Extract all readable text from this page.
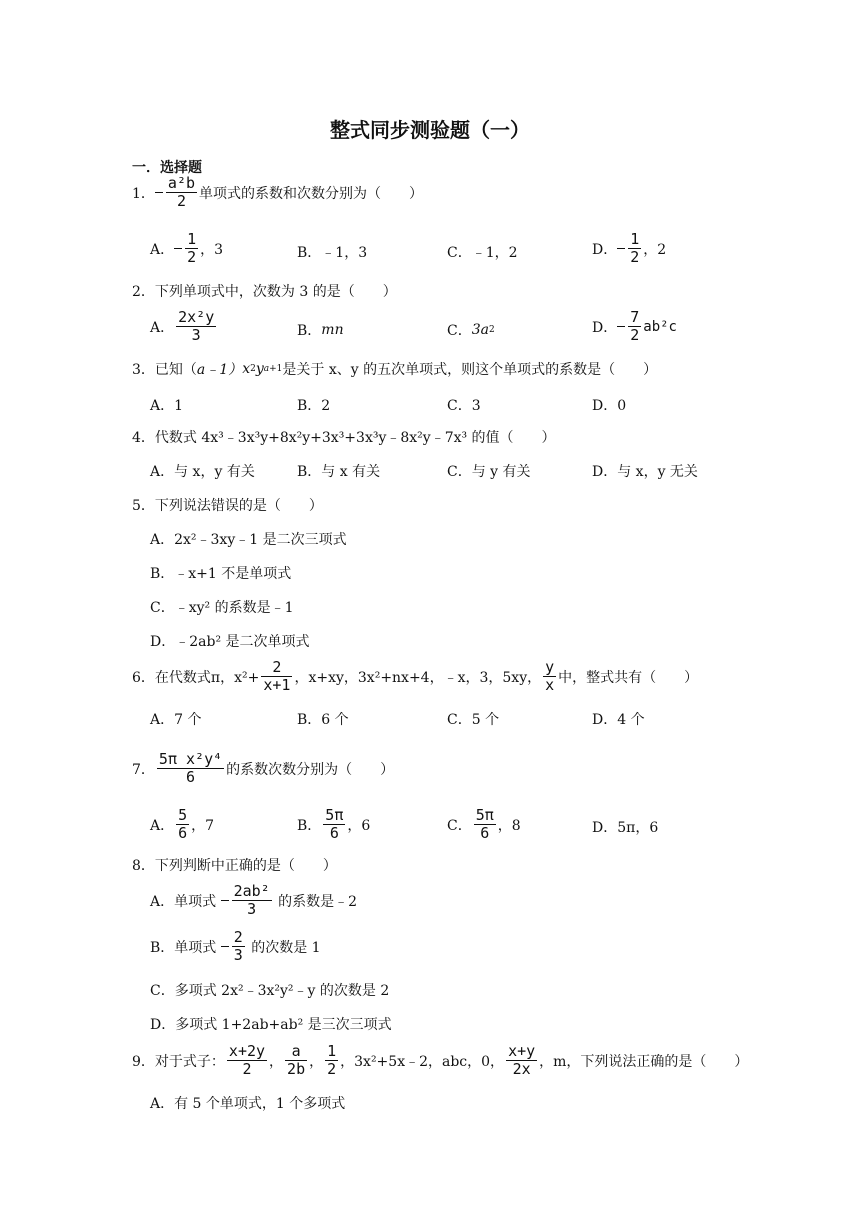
整式同步测验题（一）
一．选择题
1． $\frac{\text{a²b}}{2}$ 单项式的系数和次数分别为（　　）
A． $\frac{1}{2}$ ，3	B．﹣1，3	C．﹣1，2	D． $\frac{1}{2}$ ，2
2． 下列单项式中，次数为 3 的是（　　）
A． $\frac{\text{2x²y}}{3}$	B． mn	C． 3a 2	D． $\frac{7}{2} ab^2c$
3． 已知（ a﹣1） x 2 y a+1 是关于 x、y 的五次单项式，则这个单项式的系数是（　　）
A．1	B．2	C．3	D．0
4． 代数式 4x³﹣3x³y+8x²y+3x³+3x³y﹣8x²y﹣7x³ 的值（　　）
A．与 x，y 有关	B．与 x 有关	C．与 y 有关	D．与 x，y 无关
5． 下列说法错误的是（　　）
A．2x²﹣3xy﹣1 是二次三项式
B．﹣x+1 不是单项式
C．﹣xy² 的系数是﹣1
D．﹣2ab² 是二次单项式
6． 在代数式π，$x^2+ \frac{2}{x+1}$ ，x+xy，3x²+nx+4，﹣x，3，5xy， $\frac{y}{x}$ 中，整式共有（　　）
A．7 个	B．6 个	C．5 个	D．4 个
7． $\frac{\text{5π x²y⁴}}{6}$ 的系数次数分别为（　　）
A． $\frac{5}{6}$ ，7	B． $\frac{5\pi}{6}$ ，6	C． $\frac{5\pi}{6}$ ，8	D．5π，6
8． 下列判断中正确的是（　　）
A．单项式
$\frac{\text{2ab²}}{3}$
的系数是﹣2
B．单项式
$\frac{2}{3}$
的次数是 1
C．多项式 2x²﹣3x²y²﹣y 的次数是 2
D．多项式 1+2ab+ab² 是三次三项式
9． 对于式子： $\frac{x+2y}{2}$ ， $\frac{a}{2b}$ ， $\frac{1}{2}$ ，3x²+5x﹣2，abc，0， $\frac{x+y}{2x}$ ，m，下列说法正确的是（　　）
A．有 5 个单项式，1 个多项式
